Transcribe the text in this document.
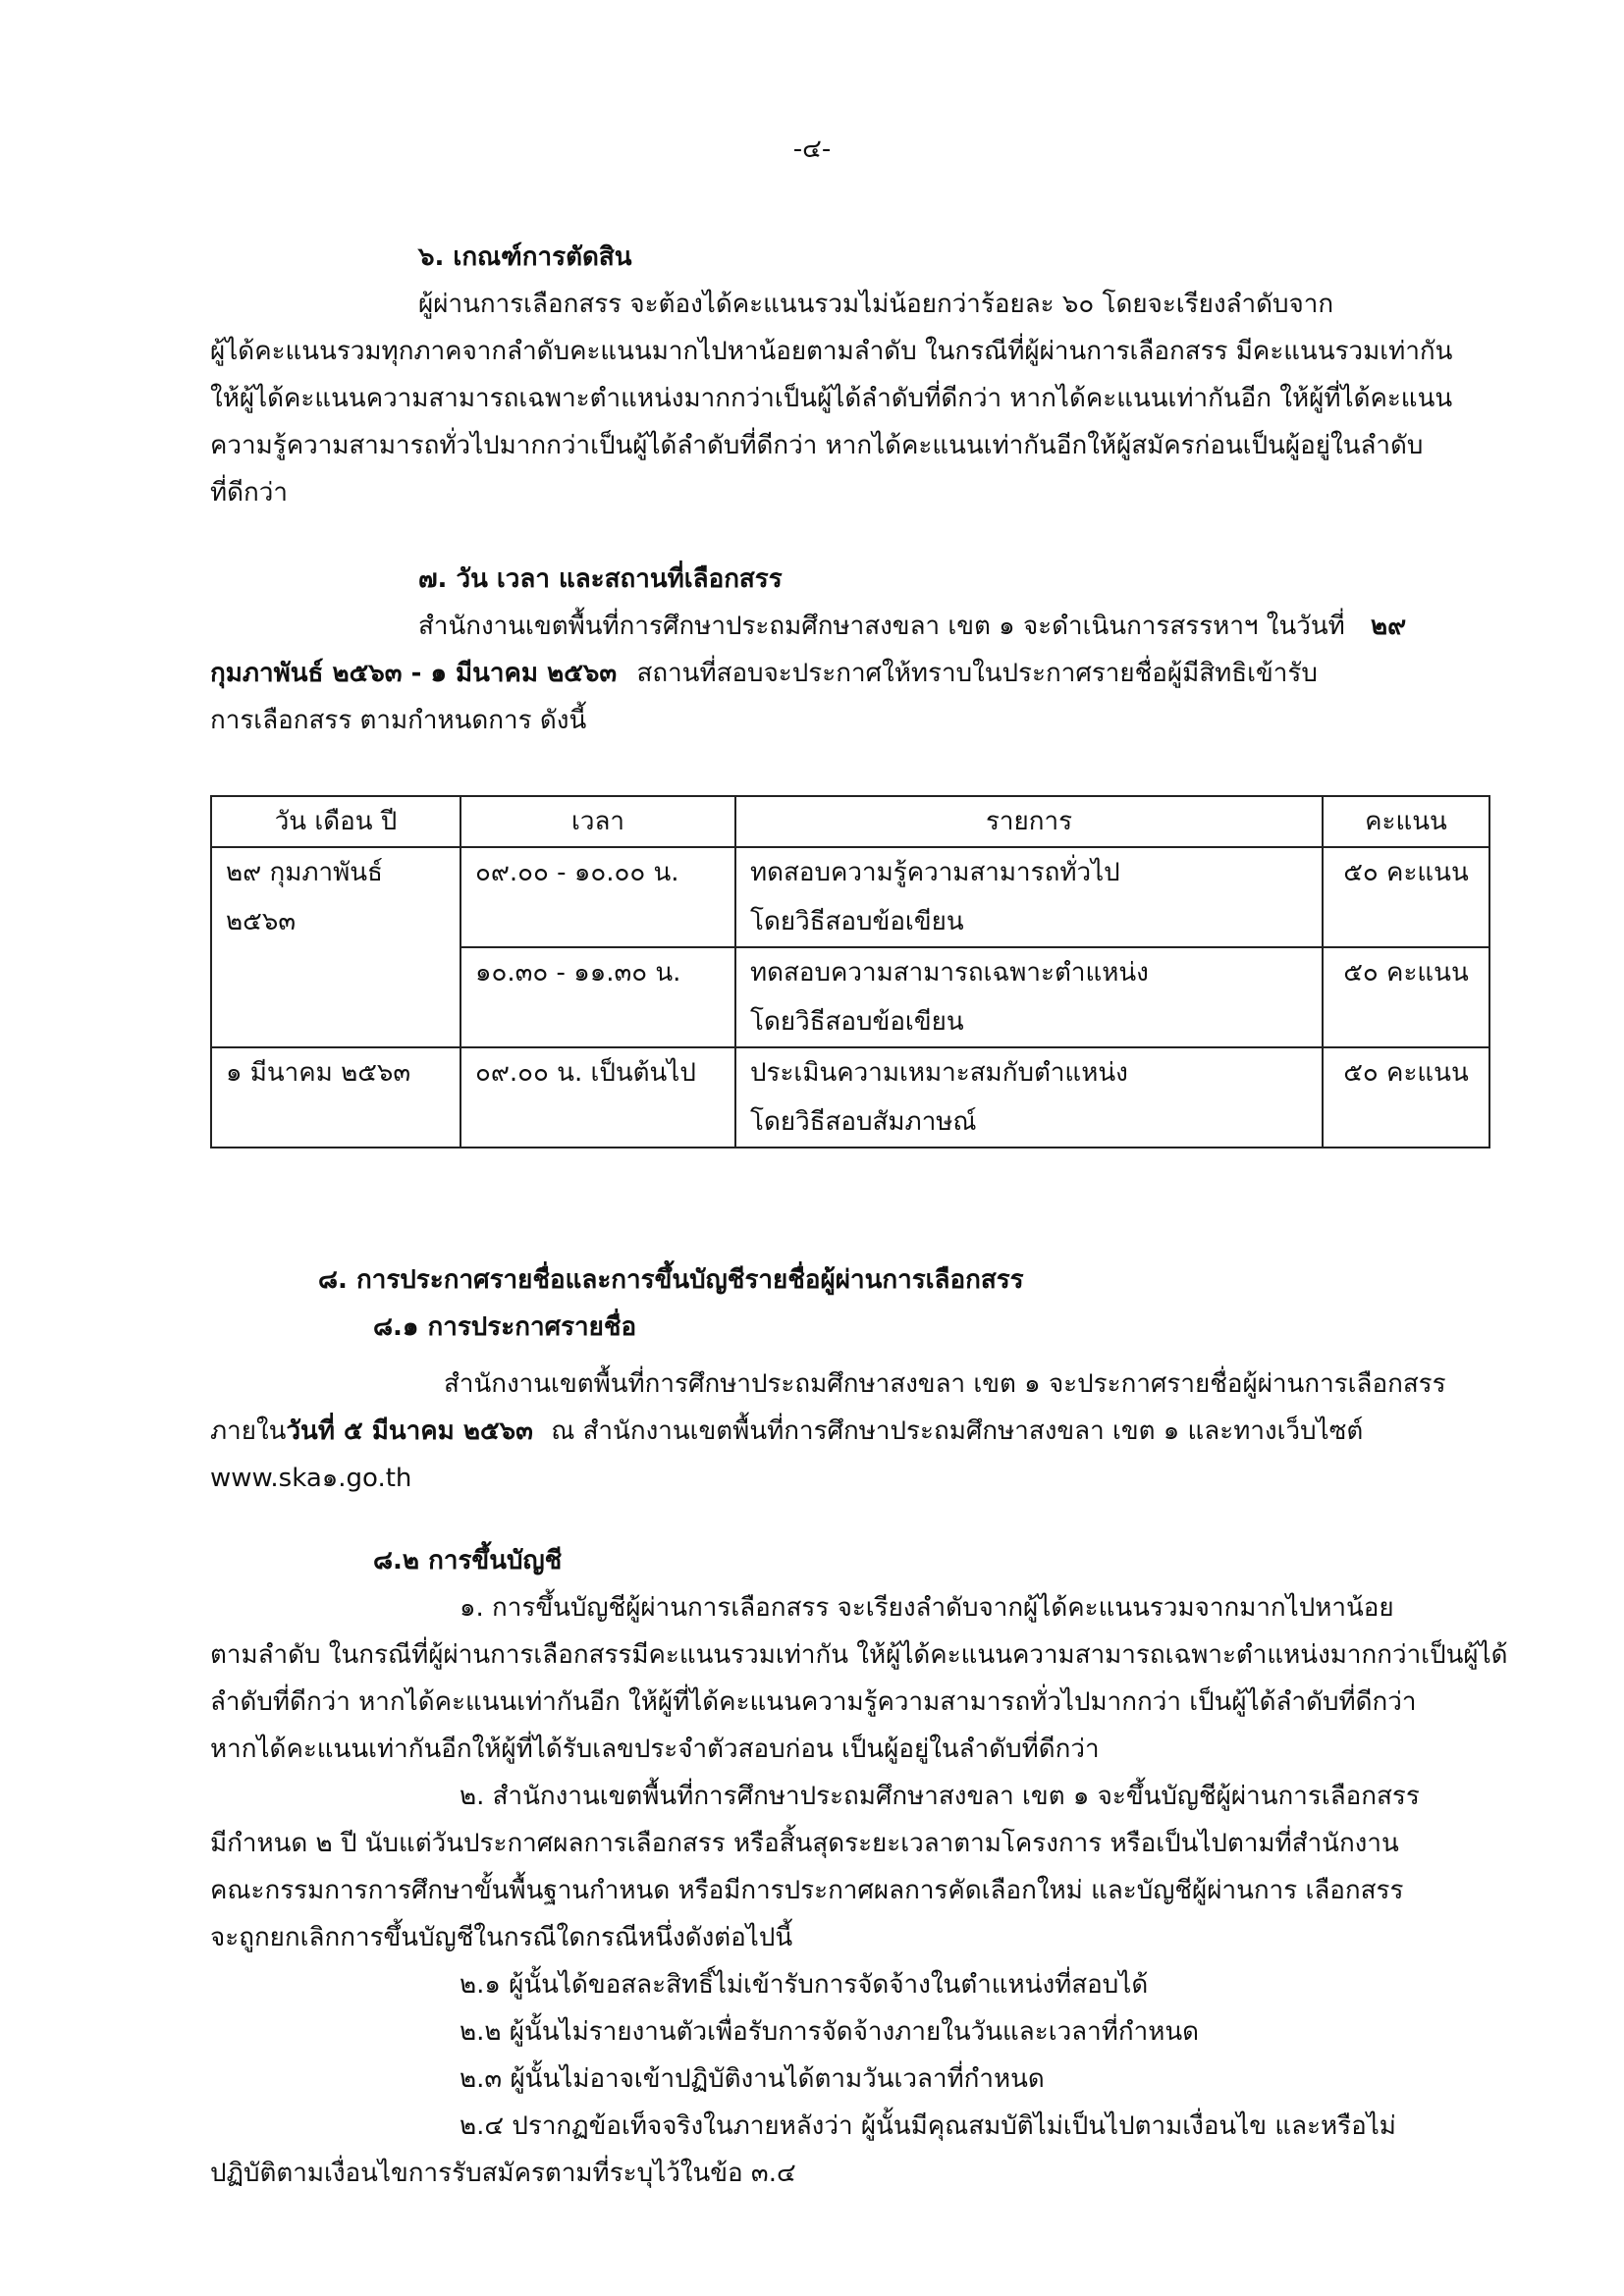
-๔-

๖. เกณฑ์การตัดสิน

ผู้ผ่านการเลือกสรร จะต้องได้คะแนนรวมไม่น้อยกว่าร้อยละ ๖๐ โดยจะเรียงลำดับจาก

ผู้ได้คะแนนรวมทุกภาคจากลำดับคะแนนมากไปหาน้อยตามลำดับ ในกรณีที่ผู้ผ่านการเลือกสรร มีคะแนนรวมเท่ากัน

ให้ผู้ได้คะแนนความสามารถเฉพาะตำแหน่งมากกว่าเป็นผู้ได้ลำดับที่ดีกว่า หากได้คะแนนเท่ากันอีก ให้ผู้ที่ได้คะแนน

ความรู้ความสามารถทั่วไปมากกว่าเป็นผู้ได้ลำดับที่ดีกว่า หากได้คะแนนเท่ากันอีกให้ผู้สมัครก่อนเป็นผู้อยู่ในลำดับ

ที่ดีกว่า

๗. วัน เวลา และสถานที่เลือกสรร

สำนักงานเขตพื้นที่การศึกษาประถมศึกษาสงขลา เขต ๑ จะดำเนินการสรรหาฯ ในวันที่ ๒๙

กุมภาพันธ์ ๒๕๖๓ - ๑ มีนาคม ๒๕๖๓ สถานที่สอบจะประกาศให้ทราบในประกาศรายชื่อผู้มีสิทธิเข้ารับ

การเลือกสรร ตามกำหนดการ ดังนี้

วัน เดือน ปี	เวลา	รายการ	คะแนน

๒๙ กุมภาพันธ์
๒๕๖๓	๐๙.๐๐ - ๑๐.๐๐ น.	ทดสอบความรู้ความสามารถทั่วไป
โดยวิธีสอบข้อเขียน	๕๐ คะแนน
	๑๐.๓๐ - ๑๑.๓๐ น.	ทดสอบความสามารถเฉพาะตำแหน่ง
โดยวิธีสอบข้อเขียน	๕๐ คะแนน
๑ มีนาคม ๒๕๖๓	๐๙.๐๐ น. เป็นต้นไป	ประเมินความเหมาะสมกับตำแหน่ง
โดยวิธีสอบสัมภาษณ์	๕๐ คะแนน

๘. การประกาศรายชื่อและการขึ้นบัญชีรายชื่อผู้ผ่านการเลือกสรร

๘.๑ การประกาศรายชื่อ

สำนักงานเขตพื้นที่การศึกษาประถมศึกษาสงขลา เขต ๑ จะประกาศรายชื่อผู้ผ่านการเลือกสรร

ภายในวันที่ ๕ มีนาคม ๒๕๖๓ ณ สำนักงานเขตพื้นที่การศึกษาประถมศึกษาสงขลา เขต ๑ และทางเว็บไซต์

www.ska๑.go.th

๘.๒ การขึ้นบัญชี

๑. การขึ้นบัญชีผู้ผ่านการเลือกสรร จะเรียงลำดับจากผู้ได้คะแนนรวมจากมากไปหาน้อย

ตามลำดับ ในกรณีที่ผู้ผ่านการเลือกสรรมีคะแนนรวมเท่ากัน ให้ผู้ได้คะแนนความสามารถเฉพาะตำแหน่งมากกว่าเป็นผู้ได้

ลำดับที่ดีกว่า หากได้คะแนนเท่ากันอีก ให้ผู้ที่ได้คะแนนความรู้ความสามารถทั่วไปมากกว่า เป็นผู้ได้ลำดับที่ดีกว่า

หากได้คะแนนเท่ากันอีกให้ผู้ที่ได้รับเลขประจำตัวสอบก่อน เป็นผู้อยู่ในลำดับที่ดีกว่า

๒. สำนักงานเขตพื้นที่การศึกษาประถมศึกษาสงขลา เขต ๑ จะขึ้นบัญชีผู้ผ่านการเลือกสรร

มีกำหนด ๒ ปี นับแต่วันประกาศผลการเลือกสรร หรือสิ้นสุดระยะเวลาตามโครงการ หรือเป็นไปตามที่สำนักงาน

คณะกรรมการการศึกษาขั้นพื้นฐานกำหนด หรือมีการประกาศผลการคัดเลือกใหม่ และบัญชีผู้ผ่านการ เลือกสรร

จะถูกยกเลิกการขึ้นบัญชีในกรณีใดกรณีหนึ่งดังต่อไปนี้

๒.๑ ผู้นั้นได้ขอสละสิทธิ์ไม่เข้ารับการจัดจ้างในตำแหน่งที่สอบได้

๒.๒ ผู้นั้นไม่รายงานตัวเพื่อรับการจัดจ้างภายในวันและเวลาที่กำหนด

๒.๓ ผู้นั้นไม่อาจเข้าปฏิบัติงานได้ตามวันเวลาที่กำหนด

๒.๔ ปรากฏข้อเท็จจริงในภายหลังว่า ผู้นั้นมีคุณสมบัติไม่เป็นไปตามเงื่อนไข และหรือไม่

ปฏิบัติตามเงื่อนไขการรับสมัครตามที่ระบุไว้ในข้อ ๓.๔
